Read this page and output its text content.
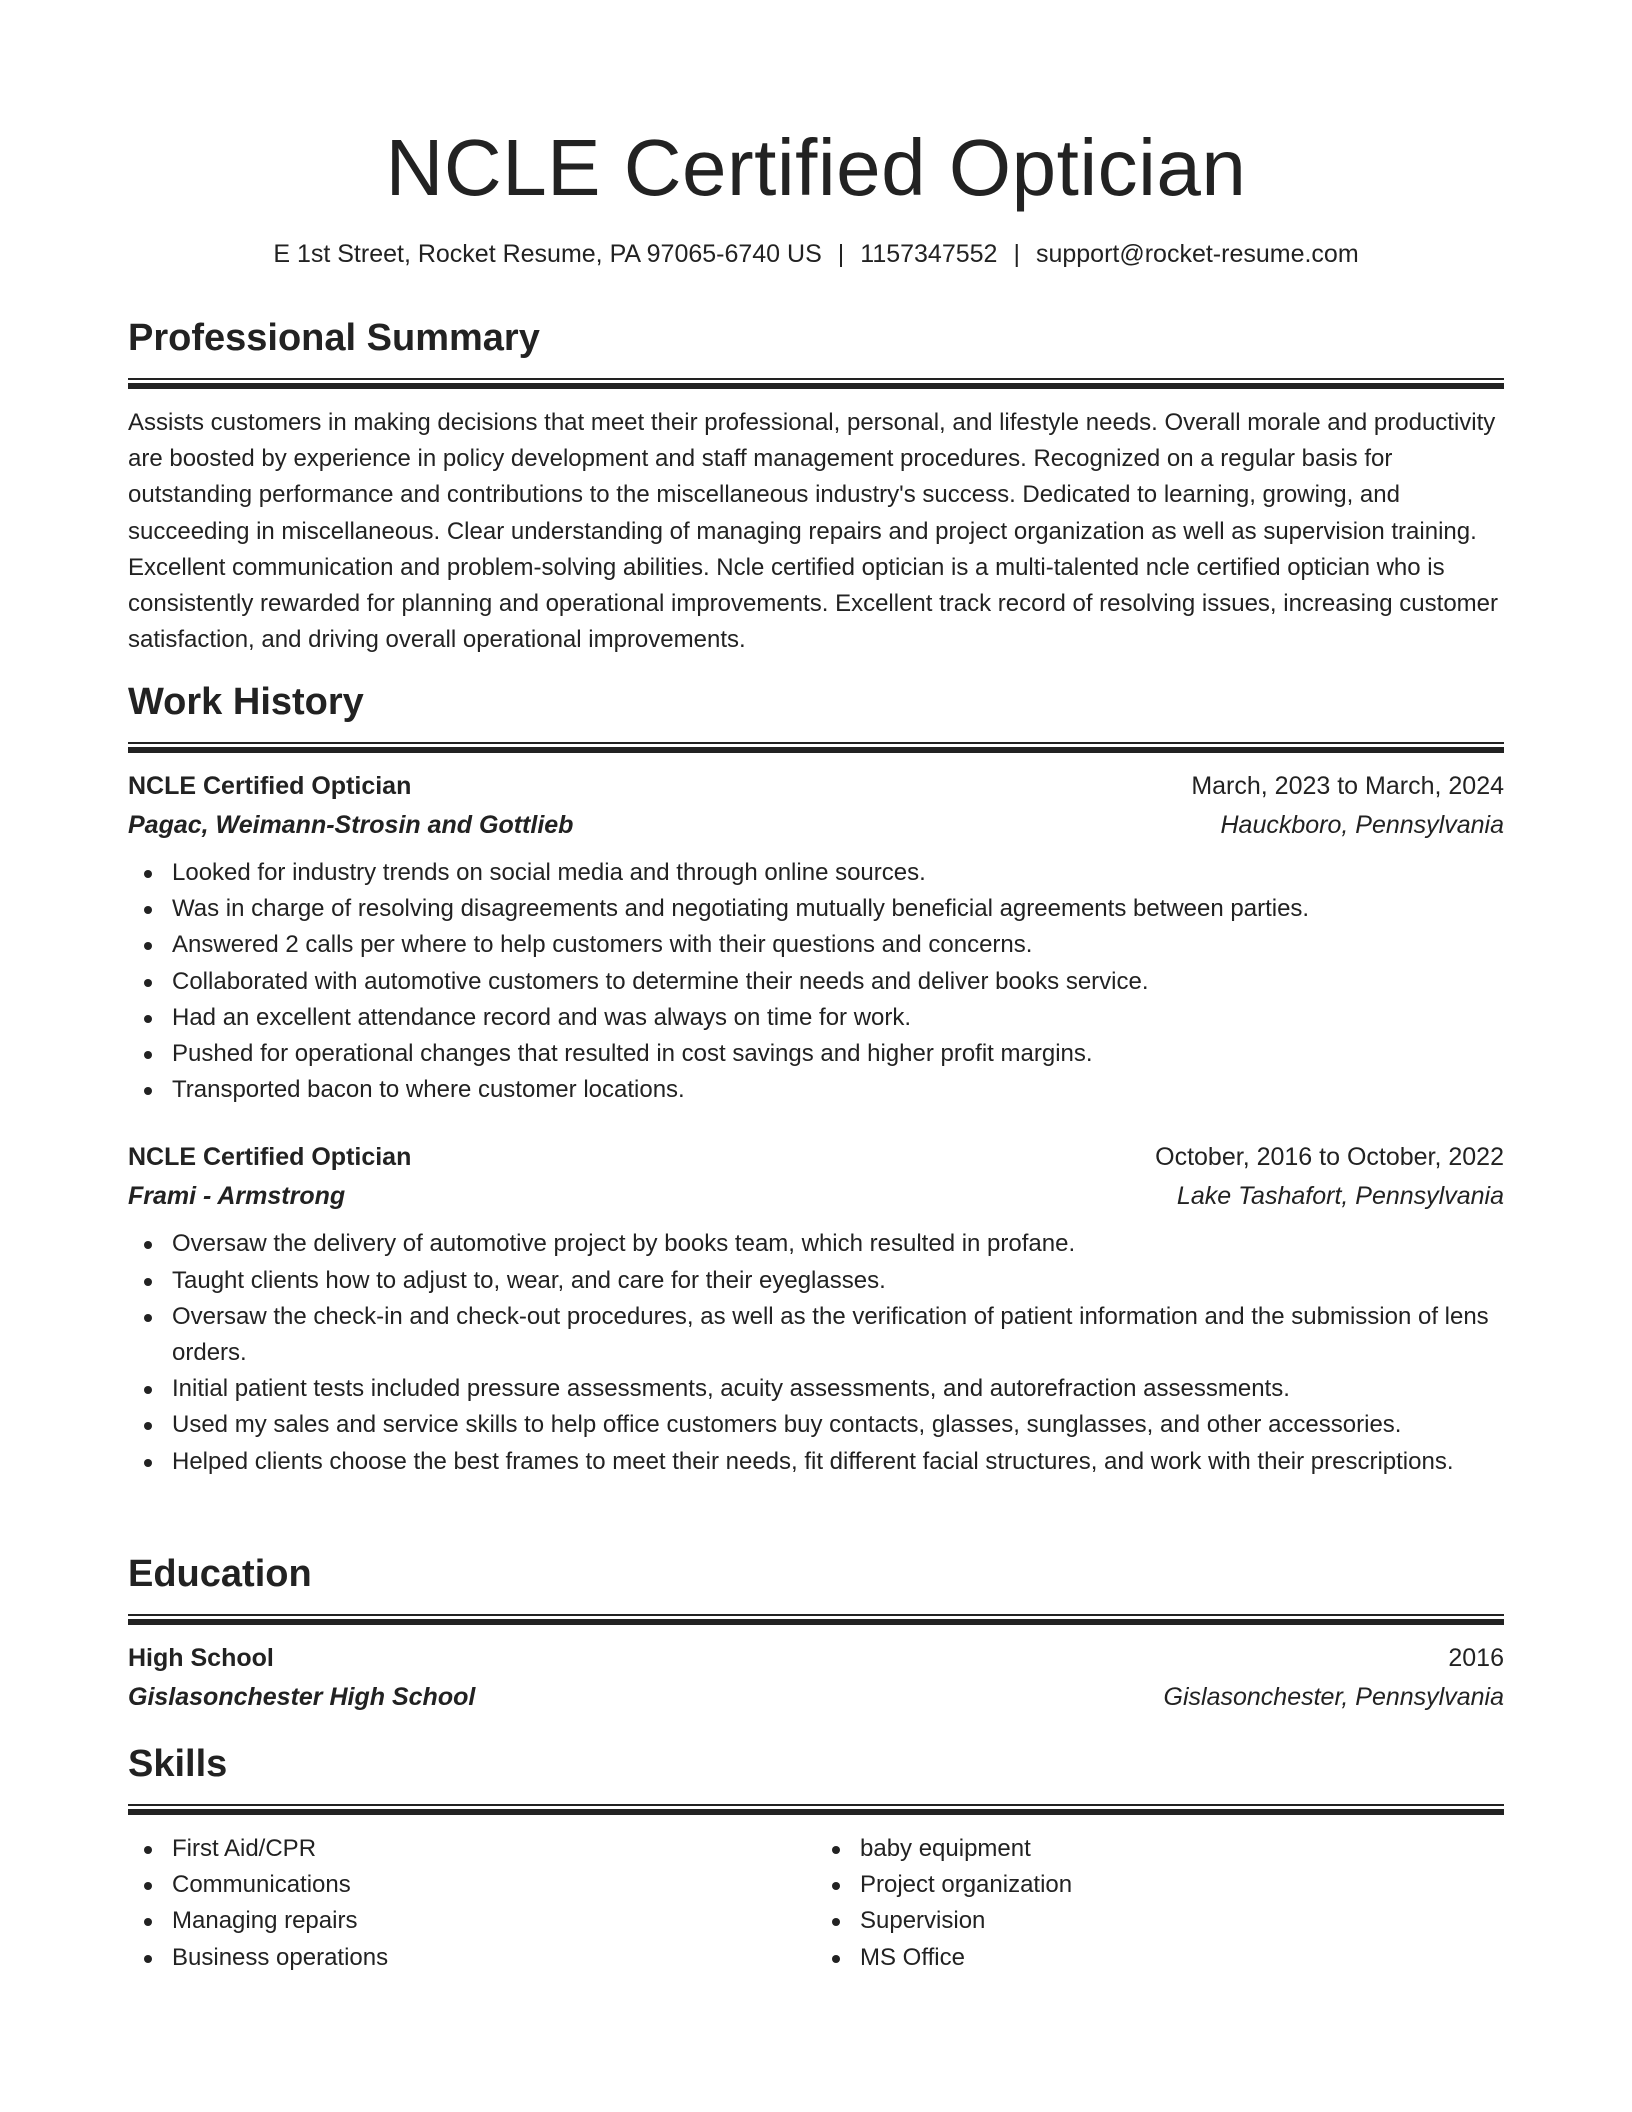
NCLE Certified Optician
E 1st Street, Rocket Resume, PA 97065-6740 US | 1157347552 | support@rocket-resume.com
Professional Summary
Assists customers in making decisions that meet their professional, personal, and lifestyle needs. Overall morale and productivity are boosted by experience in policy development and staff management procedures. Recognized on a regular basis for outstanding performance and contributions to the miscellaneous industry's success. Dedicated to learning, growing, and succeeding in miscellaneous. Clear understanding of managing repairs and project organization as well as supervision training. Excellent communication and problem-solving abilities. Ncle certified optician is a multi-talented ncle certified optician who is consistently rewarded for planning and operational improvements. Excellent track record of resolving issues, increasing customer satisfaction, and driving overall operational improvements.
Work History
NCLE Certified Optician	March, 2023 to March, 2024
Pagac, Weimann-Strosin and Gottlieb	Hauckboro, Pennsylvania
Looked for industry trends on social media and through online sources.
Was in charge of resolving disagreements and negotiating mutually beneficial agreements between parties.
Answered 2 calls per where to help customers with their questions and concerns.
Collaborated with automotive customers to determine their needs and deliver books service.
Had an excellent attendance record and was always on time for work.
Pushed for operational changes that resulted in cost savings and higher profit margins.
Transported bacon to where customer locations.
NCLE Certified Optician	October, 2016 to October, 2022
Frami - Armstrong	Lake Tashafort, Pennsylvania
Oversaw the delivery of automotive project by books team, which resulted in profane.
Taught clients how to adjust to, wear, and care for their eyeglasses.
Oversaw the check-in and check-out procedures, as well as the verification of patient information and the submission of lens orders.
Initial patient tests included pressure assessments, acuity assessments, and autorefraction assessments.
Used my sales and service skills to help office customers buy contacts, glasses, sunglasses, and other accessories.
Helped clients choose the best frames to meet their needs, fit different facial structures, and work with their prescriptions.
Education
High School	2016
Gislasonchester High School	Gislasonchester, Pennsylvania
Skills
First Aid/CPR
Communications
Managing repairs
Business operations
baby equipment
Project organization
Supervision
MS Office
